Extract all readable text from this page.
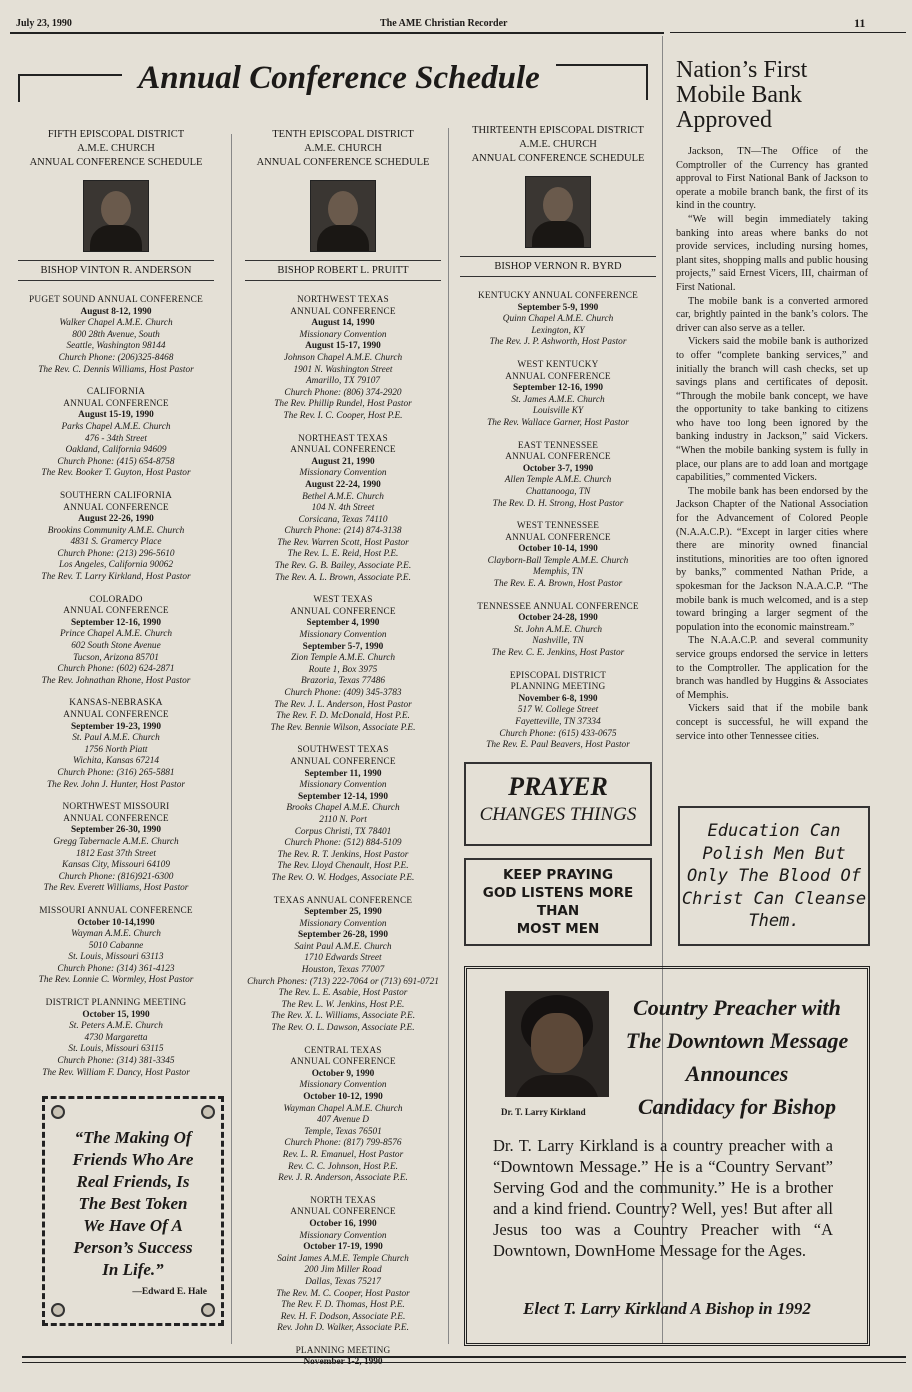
July 23, 1990	The AME Christian Recorder	11
Annual Conference Schedule
FIFTH EPISCOPAL DISTRICT
A.M.E. CHURCH
ANNUAL CONFERENCE SCHEDULE
BISHOP VINTON R. ANDERSON
PUGET SOUND ANNUAL CONFERENCE
August 8-12, 1990
Walker Chapel A.M.E. Church
800 28th Avenue, South
Seattle, Washington 98144
Church Phone: (206)325-8468
The Rev. C. Dennis Williams, Host Pastor
CALIFORNIA
ANNUAL CONFERENCE
August 15-19, 1990
Parks Chapel A.M.E. Church
476 - 34th Street
Oakland, California 94609
Church Phone: (415) 654-8758
The Rev. Booker T. Guyton, Host Pastor
SOUTHERN CALIFORNIA
ANNUAL CONFERENCE
August 22-26, 1990
Brookins Community A.M.E. Church
4831 S. Gramercy Place
Church Phone: (213) 296-5610
Los Angeles, California 90062
The Rev. T. Larry Kirkland, Host Pastor
COLORADO
ANNUAL CONFERENCE
September 12-16, 1990
Prince Chapel A.M.E. Church
602 South Stone Avenue
Tucson, Arizona 85701
Church Phone: (602) 624-2871
The Rev. Johnathan Rhone, Host Pastor
KANSAS-NEBRASKA
ANNUAL CONFERENCE
September 19-23, 1990
St. Paul A.M.E. Church
1756 North Piatt
Wichita, Kansas 67214
Church Phone: (316) 265-5881
The Rev. John J. Hunter, Host Pastor
NORTHWEST MISSOURI
ANNUAL CONFERENCE
September 26-30, 1990
Gregg Tabernacle A.M.E. Church
1812 East 37th Street
Kansas City, Missouri 64109
Church Phone: (816)921-6300
The Rev. Everett Williams, Host Pastor
MISSOURI ANNUAL CONFERENCE
October 10-14,1990
Wayman A.M.E. Church
5010 Cabanne
St. Louis, Missouri 63113
Church Phone: (314) 361-4123
The Rev. Lonnie C. Wormley, Host Pastor
DISTRICT PLANNING MEETING
October 15, 1990
St. Peters A.M.E. Church
4730 Margaretta
St. Louis, Missouri 63115
Church Phone: (314) 381-3345
The Rev. William F. Dancy, Host Pastor
TENTH EPISCOPAL DISTRICT
A.M.E. CHURCH
ANNUAL CONFERENCE SCHEDULE
BISHOP ROBERT L. PRUITT
NORTHWEST TEXAS
ANNUAL CONFERENCE
August 14, 1990
Missionary Convention
August 15-17, 1990
Johnson Chapel A.M.E. Church
1901 N. Washington Street
Amarillo, TX 79107
Church Phone: (806) 374-2920
The Rev. Phillip Rundel, Host Pastor
The Rev. I. C. Cooper, Host P.E.
NORTHEAST TEXAS
ANNUAL CONFERENCE
August 21, 1990
Missionary Convention
August 22-24, 1990
Bethel A.M.E. Church
104 N. 4th Street
Corsicana, Texas 74110
Church Phone: (214) 874-3138
The Rev. Warren Scott, Host Pastor
The Rev. L. E. Reid, Host P.E.
The Rev. G. B. Bailey, Associate P.E.
The Rev. A. L. Brown, Associate P.E.
WEST TEXAS
ANNUAL CONFERENCE
September 4, 1990
Missionary Convention
September 5-7, 1990
Zion Temple A.M.E. Church
Route 1, Box 3975
Brazoria, Texas 77486
Church Phone: (409) 345-3783
The Rev. J. L. Anderson, Host Pastor
The Rev. F. D. McDonald, Host P.E.
The Rev. Bennie Wilson, Associate P.E.
SOUTHWEST TEXAS
ANNUAL CONFERENCE
September 11, 1990
Missionary Convention
September 12-14, 1990
Brooks Chapel A.M.E. Church
2110 N. Port
Corpus Christi, TX 78401
Church Phone: (512) 884-5109
The Rev. R. T. Jenkins, Host Pastor
The Rev. Lloyd Chenault, Host P.E.
The Rev. O. W. Hodges, Associate P.E.
TEXAS ANNUAL CONFERENCE
September 25, 1990
Missionary Convention
September 26-28, 1990
Saint Paul A.M.E. Church
1710 Edwards Street
Houston, Texas 77007
Church Phones: (713) 222-7064 or (713) 691-0721
The Rev. L. E. Asabie, Host Pastor
The Rev. L. W. Jenkins, Host P.E.
The Rev. X. L. Williams, Associate P.E.
The Rev. O. L. Dawson, Associate P.E.
CENTRAL TEXAS
ANNUAL CONFERENCE
October 9, 1990
Missionary Convention
October 10-12, 1990
Wayman Chapel A.M.E. Church
407 Avenue D
Temple, Texas 76501
Church Phone: (817) 799-8576
Rev. L. R. Emanuel, Host Pastor
Rev. C. C. Johnson, Host P.E.
Rev. J. R. Anderson, Associate P.E.
NORTH TEXAS
ANNUAL CONFERENCE
October 16, 1990
Missionary Convention
October 17-19, 1990
Saint James A.M.E. Temple Church
200 Jim Miller Road
Dallas, Texas 75217
The Rev. M. C. Cooper, Host Pastor
The Rev. F. D. Thomas, Host P.E.
Rev. H. F. Dodson, Associate P.E.
Rev. John D. Walker, Associate P.E.
PLANNING MEETING
THIRTEENTH EPISCOPAL DISTRICT
A.M.E. CHURCH
ANNUAL CONFERENCE SCHEDULE
BISHOP VERNON R. BYRD
KENTUCKY ANNUAL CONFERENCE
September 5-9, 1990
Quinn Chapel A.M.E. Church
Lexington, KY
The Rev. J. P. Ashworth, Host Pastor
WEST KENTUCKY
ANNUAL CONFERENCE
September 12-16, 1990
St. James A.M.E. Church
Louisville KY
The Rev. Wallace Garner, Host Pastor
EAST TENNESSEE
ANNUAL CONFERENCE
October 3-7, 1990
Allen Temple A.M.E. Church
Chattanooga, TN
The Rev. D. H. Strong, Host Pastor
WEST TENNESSEE
ANNUAL CONFERENCE
October 10-14, 1990
Clayborn-Ball Temple A.M.E. Church
Memphis, TN
The Rev. E. A. Brown, Host Pastor
TENNESSEE ANNUAL CONFERENCE
October 24-28, 1990
St. John A.M.E. Church
Nashville, TN
The Rev. C. E. Jenkins, Host Pastor
EPISCOPAL DISTRICT
PLANNING MEETING
November 6-8, 1990
517 W. College Street
Fayetteville, TN 37334
Church Phone: (615) 433-0675
The Rev. E. Paul Beavers, Host Pastor
PRAYER
CHANGES THINGS
KEEP PRAYING
GOD LISTENS MORE
THAN
MOST MEN
“The Making Of
Friends Who Are
Real Friends, Is
The Best Token
We Have Of A
Person’s Success
In Life.”
—Edward E. Hale
Nation’s First
Mobile Bank
Approved

Jackson, TN—The Office of the Comptroller of the Currency has granted approval to First National Bank of Jackson to operate a mobile branch bank, the first of its kind in the country.

“We will begin immediately taking banking into areas where banks do not provide services, including nursing homes, plant sites, shopping malls and public housing projects,” said Ernest Vicers, III, chairman of First National.

The mobile bank is a converted armored car, brightly painted in the bank’s colors. The driver can also serve as a teller.

Vickers said the mobile bank is authorized to offer “complete banking services,” and initially the branch will cash checks, set up savings plans and certificates of deposit. “Through the mobile bank concept, we have the opportunity to take banking to citizens who have too long been ignored by the banking industry in Jackson,” said Vickers. “When the mobile banking system is fully in place, our plans are to add loan and mortgage capabilities,” commented Vickers.

The mobile bank has been endorsed by the Jackson Chapter of the National Association for the Advancement of Colored People (N.A.A.C.P.). “Except in larger cities where there are minority owned financial institutions, minorities are too often ignored by banks,” commented Nathan Pride, a spokesman for the Jackson N.A.A.C.P. “The mobile bank is much welcomed, and is a step toward bringing a larger segment of the population into the economic mainstream.”

The N.A.A.C.P. and several community service groups endorsed the service in letters to the Comptroller. The application for the branch was handled by Huggins & Associates of Memphis.

Vickers said that if the mobile bank concept is successful, he will expand the service into other Tennessee cities.

Education Can
Polish Men But
Only The Blood Of
Christ Can Cleanse
Them.
Dr. T. Larry Kirkland
Country Preacher with
The Downtown Message
Announces
Candidacy for Bishop
Dr. T. Larry Kirkland is a country preacher with a “Downtown Message.” He is a “Country Servant” Serving God and the community.” He is a brother and a kind friend. Country? Well, yes! But after all Jesus too was a Country Preacher with “A Downtown, DownHome Message for the Ages.
Elect T. Larry Kirkland A Bishop in 1992
